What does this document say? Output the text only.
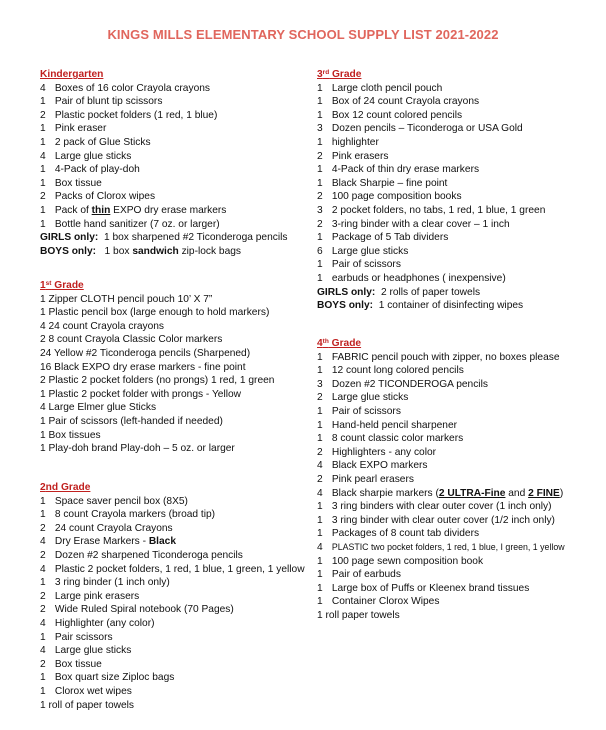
KINGS MILLS ELEMENTARY SCHOOL SUPPLY LIST 2021-2022
Kindergarten
4 Boxes of 16 color Crayola crayons
1 Pair of blunt tip scissors
2 Plastic pocket folders (1 red, 1 blue)
1 Pink eraser
1 2 pack of Glue Sticks
4 Large glue sticks
1 4-Pack of play-doh
1 Box tissue
2 Packs of Clorox wipes
1 Pack of thin EXPO dry erase markers
1 Bottle hand sanitizer (7 oz. or larger)
GIRLS only: 1 box sharpened #2 Ticonderoga pencils
BOYS only: 1 box sandwich zip-lock bags
1st Grade
1 Zipper CLOTH pencil pouch 10’ X 7”
1 Plastic pencil box (large enough to hold markers)
4 24 count Crayola crayons
2 8 count Crayola Classic Color markers
24 Yellow #2 Ticonderoga pencils (Sharpened)
16 Black EXPO dry erase markers - fine point
2 Plastic 2 pocket folders (no prongs) 1 red, 1 green
1 Plastic 2 pocket folder with prongs - Yellow
4 Large Elmer glue Sticks
1 Pair of scissors (left-handed if needed)
1 Box tissues
1 Play-doh brand Play-doh – 5 oz. or larger
2nd Grade
1 Space saver pencil box (8X5)
1 8 count Crayola markers (broad tip)
2 24 count Crayola Crayons
4 Dry Erase Markers - Black
2 Dozen #2 sharpened Ticonderoga pencils
4 Plastic 2 pocket folders, 1 red, 1 blue, 1 green, 1 yellow
1 3 ring binder (1 inch only)
2 Large pink erasers
2 Wide Ruled Spiral notebook (70 Pages)
4 Highlighter (any color)
1 Pair scissors
4 Large glue sticks
2 Box tissue
1 Box quart size Ziploc bags
1 Clorox wet wipes
1 roll of paper towels
3rd Grade
1 Large cloth pencil pouch
1 Box of 24 count Crayola crayons
1 Box 12 count colored pencils
3 Dozen pencils – Ticonderoga or USA Gold
1 highlighter
2 Pink erasers
1 4-Pack of thin dry erase markers
1 Black Sharpie – fine point
2 100 page composition books
3 2 pocket folders, no tabs, 1 red, 1 blue, 1 green
2 3-ring binder with a clear cover – 1 inch
1 Package of 5 Tab dividers
6 Large glue sticks
1 Pair of scissors
1 earbuds or headphones ( inexpensive)
GIRLS only: 2 rolls of paper towels
BOYS only: 1 container of disinfecting wipes
4th Grade
1 FABRIC pencil pouch with zipper, no boxes please
1 12 count long colored pencils
3 Dozen #2 TICONDEROGA pencils
2 Large glue sticks
1 Pair of scissors
1 Hand-held pencil sharpener
1 8 count classic color markers
2 Highlighters - any color
4 Black EXPO markers
2 Pink pearl erasers
4 Black sharpie markers (2 ULTRA-Fine and 2 FINE)
1 3 ring binders with clear outer cover (1 inch only)
1 3 ring binder with clear outer cover (1/2 inch only)
1 Packages of 8 count tab dividers
4 PLASTIC two pocket folders, 1 red, 1 blue, I green, 1 yellow
1 100 page sewn composition book
1 Pair of earbuds
1 Large box of Puffs or Kleenex brand tissues
1 Container Clorox Wipes
1 roll paper towels
